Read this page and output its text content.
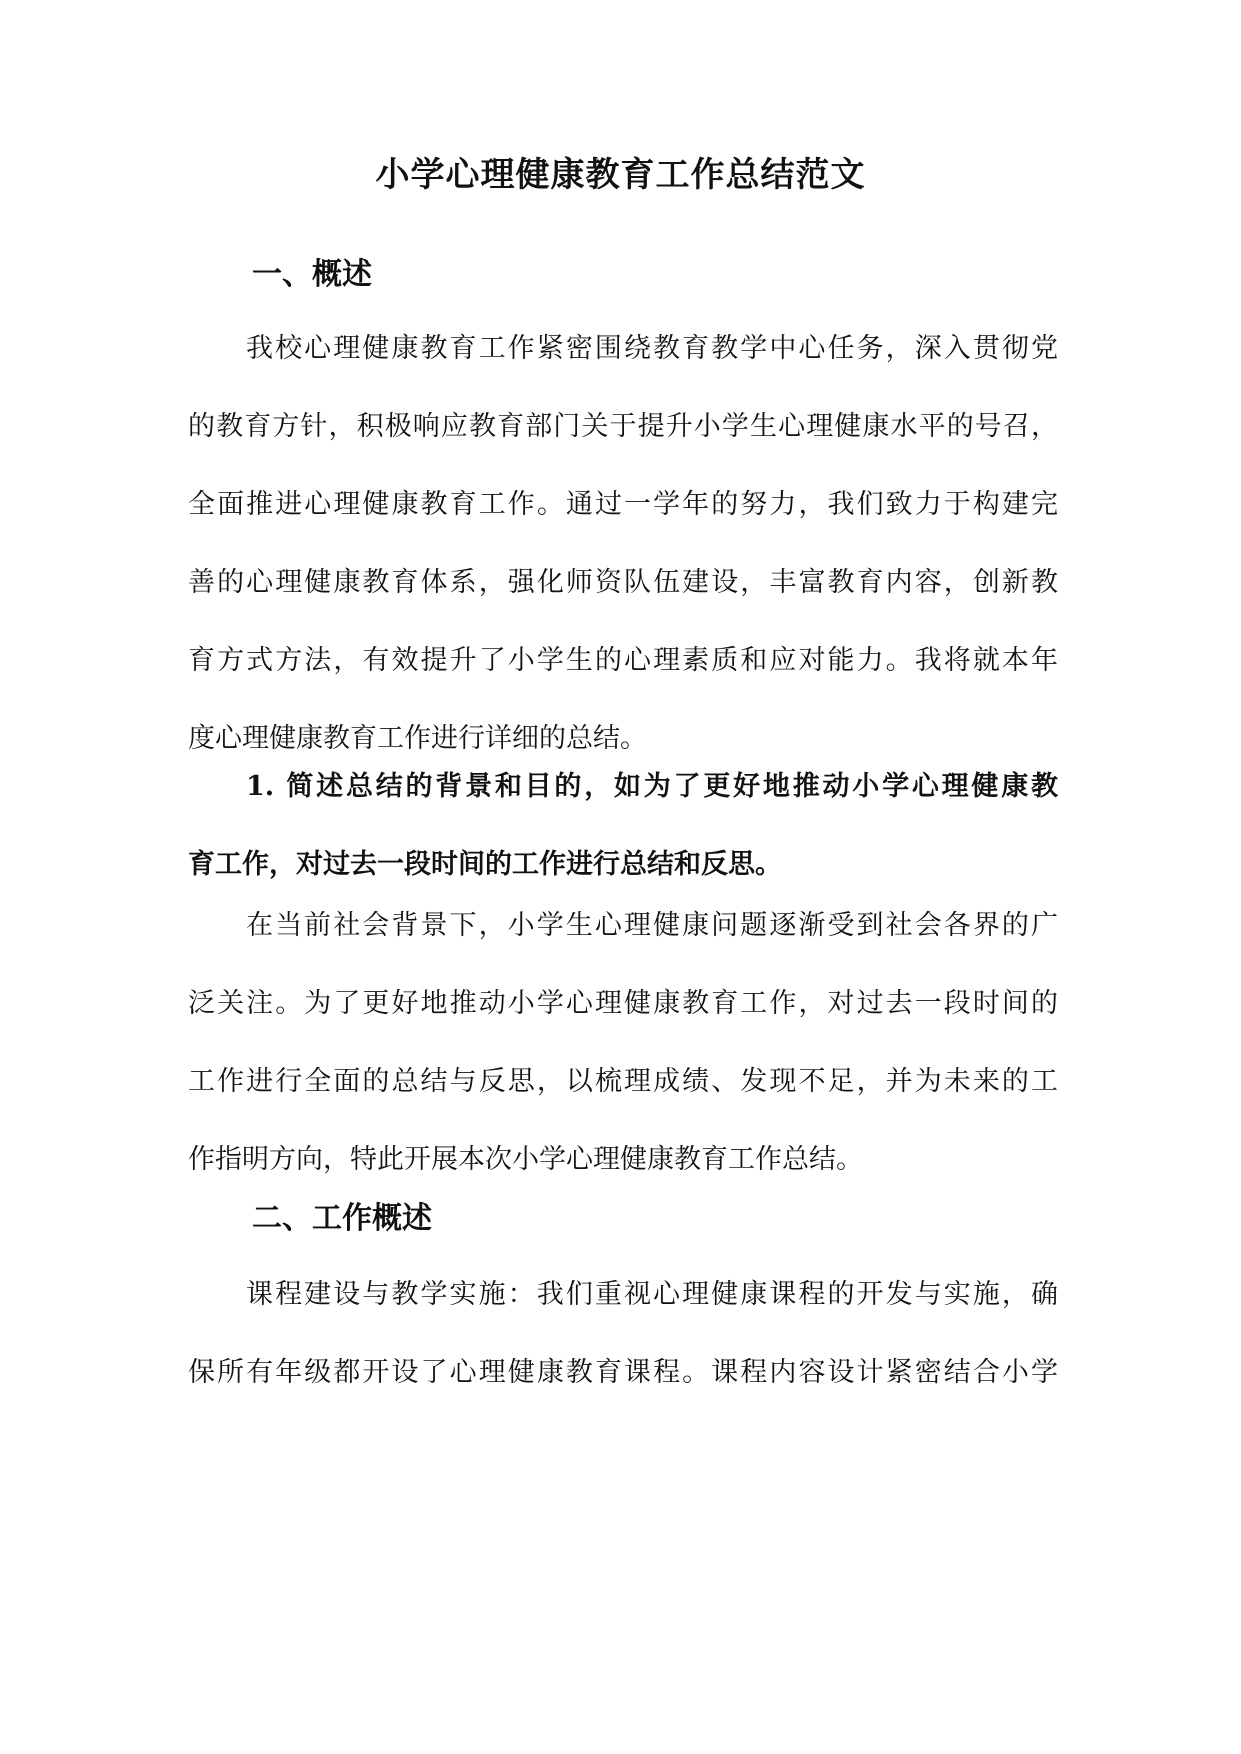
小学心理健康教育工作总结范文
一、概述
我校心理健康教育工作紧密围绕教育教学中心任务，深入贯彻党
的教育方针，积极响应教育部门关于提升小学生心理健康水平的号召，
全面推进心理健康教育工作。通过一学年的努力，我们致力于构建完
善的心理健康教育体系，强化师资队伍建设，丰富教育内容，创新教
育方式方法，有效提升了小学生的心理素质和应对能力。我将就本年
度心理健康教育工作进行详细的总结。
1. 简述总结的背景和目的，如为了更好地推动小学心理健康教
育工作，对过去一段时间的工作进行总结和反思。
在当前社会背景下，小学生心理健康问题逐渐受到社会各界的广
泛关注。为了更好地推动小学心理健康教育工作，对过去一段时间的
工作进行全面的总结与反思，以梳理成绩、发现不足，并为未来的工
作指明方向，特此开展本次小学心理健康教育工作总结。
二、工作概述
课程建设与教学实施：我们重视心理健康课程的开发与实施，确
保所有年级都开设了心理健康教育课程。课程内容设计紧密结合小学
